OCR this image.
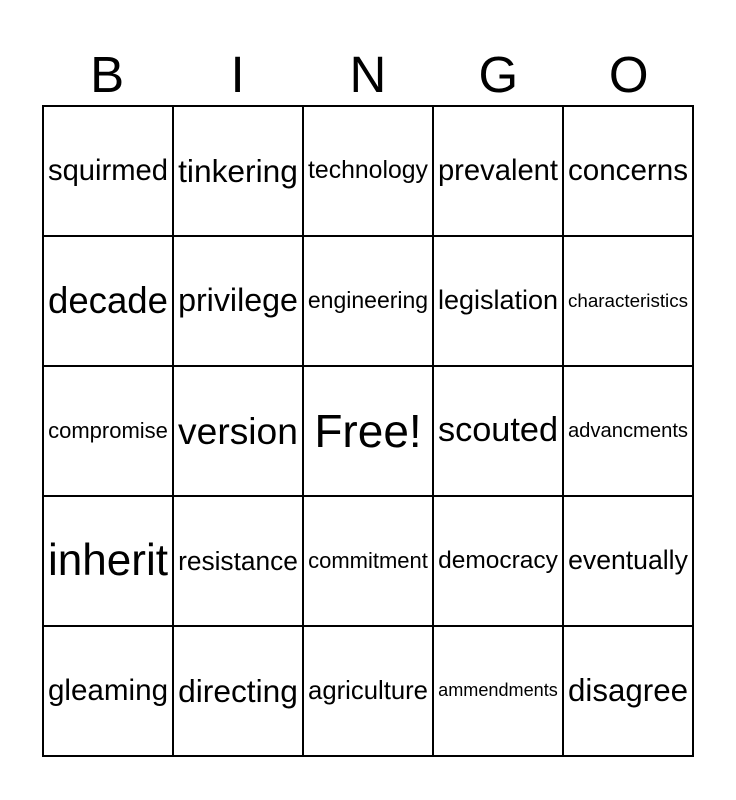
B	I	N	G	O
squirmed tinkering technology prevalent concerns
decade privilege engineering legislation characteristics
compromise version Free! scouted advancments
inherit resistance commitment democracy eventually
gleaming directing agriculture ammendments disagree
